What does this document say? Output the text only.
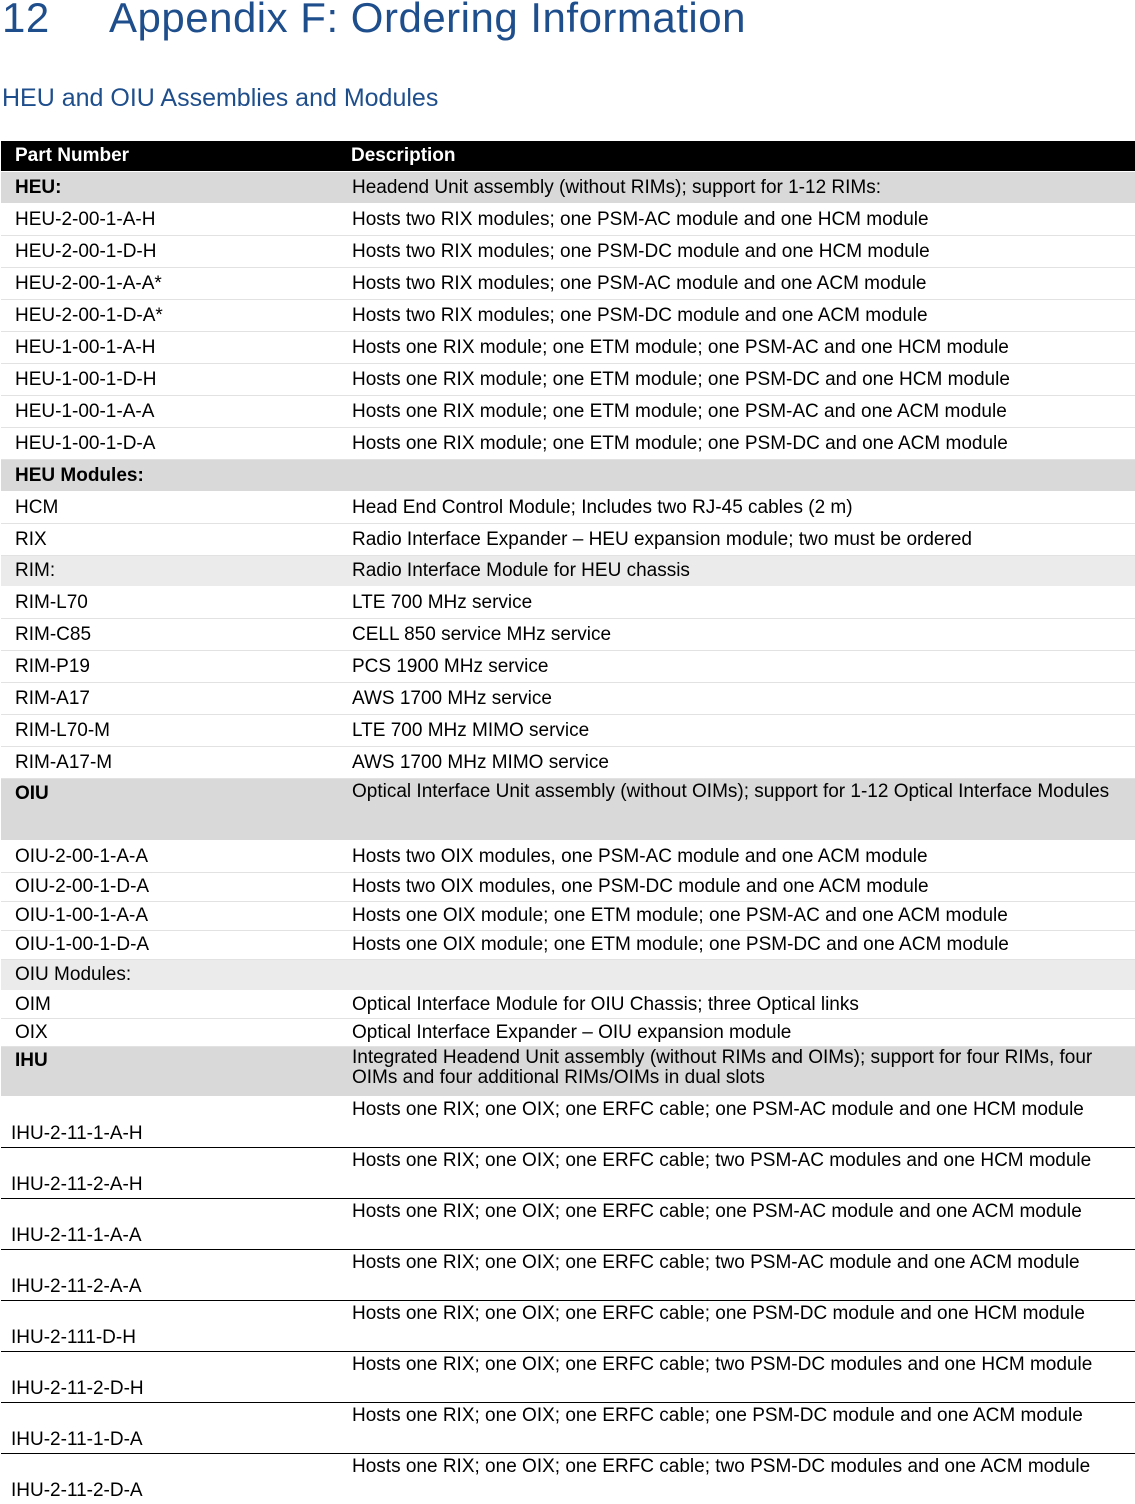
12 Appendix F: Ordering Information
HEU and OIU Assemblies and Modules
Part Number	Description
HEU:	Headend Unit assembly (without RIMs); support for 1-12 RIMs:
HEU-2-00-1-A-H	Hosts two RIX modules; one PSM-AC module and one HCM module
HEU-2-00-1-D-H	Hosts two RIX modules; one PSM-DC module and one HCM module
HEU-2-00-1-A-A*	Hosts two RIX modules; one PSM-AC module and one ACM module
HEU-2-00-1-D-A*	Hosts two RIX modules; one PSM-DC module and one ACM module
HEU-1-00-1-A-H	Hosts one RIX module; one ETM module; one PSM-AC and one HCM module
HEU-1-00-1-D-H	Hosts one RIX module; one ETM module; one PSM-DC and one HCM module
HEU-1-00-1-A-A	Hosts one RIX module; one ETM module; one PSM-AC and one ACM module
HEU-1-00-1-D-A	Hosts one RIX module; one ETM module; one PSM-DC and one ACM module
HEU Modules:	
HCM	Head End Control Module; Includes two RJ-45 cables (2 m)
RIX	Radio Interface Expander – HEU expansion module; two must be ordered
RIM:	Radio Interface Module for HEU chassis
RIM-L70	LTE 700 MHz service
RIM-C85	CELL 850 service MHz service
RIM-P19	PCS 1900 MHz service
RIM-A17	AWS 1700 MHz service
RIM-L70-M	LTE 700 MHz MIMO service
RIM-A17-M	AWS 1700 MHz MIMO service
OIU	Optical Interface Unit assembly (without OIMs); support for 1-12 Optical Interface Modules
OIU-2-00-1-A-A	Hosts two OIX modules, one PSM-AC module and one ACM module
OIU-2-00-1-D-A	Hosts two OIX modules, one PSM-DC module and one ACM module
OIU-1-00-1-A-A	Hosts one OIX module; one ETM module; one PSM-AC and one ACM module
OIU-1-00-1-D-A	Hosts one OIX module; one ETM module; one PSM-DC and one ACM module
OIU Modules:	
OIM	Optical Interface Module for OIU Chassis; three Optical links
OIX	Optical Interface Expander – OIU expansion module
IHU	Integrated Headend Unit assembly (without RIMs and OIMs); support for four RIMs, four OIMs and four additional RIMs/OIMs in dual slots
IHU-2-11-1-A-H	Hosts one RIX; one OIX; one ERFC cable; one PSM-AC module and one HCM module
IHU-2-11-2-A-H	Hosts one RIX; one OIX; one ERFC cable; two PSM-AC modules and one HCM module
IHU-2-11-1-A-A	Hosts one RIX; one OIX; one ERFC cable; one PSM-AC module and one ACM module
IHU-2-11-2-A-A	Hosts one RIX; one OIX; one ERFC cable; two PSM-AC module and one ACM module
IHU-2-111-D-H	Hosts one RIX; one OIX; one ERFC cable; one PSM-DC module and one HCM module
IHU-2-11-2-D-H	Hosts one RIX; one OIX; one ERFC cable; two PSM-DC modules and one HCM module
IHU-2-11-1-D-A	Hosts one RIX; one OIX; one ERFC cable; one PSM-DC module and one ACM module
IHU-2-11-2-D-A	Hosts one RIX; one OIX; one ERFC cable; two PSM-DC modules and one ACM module
